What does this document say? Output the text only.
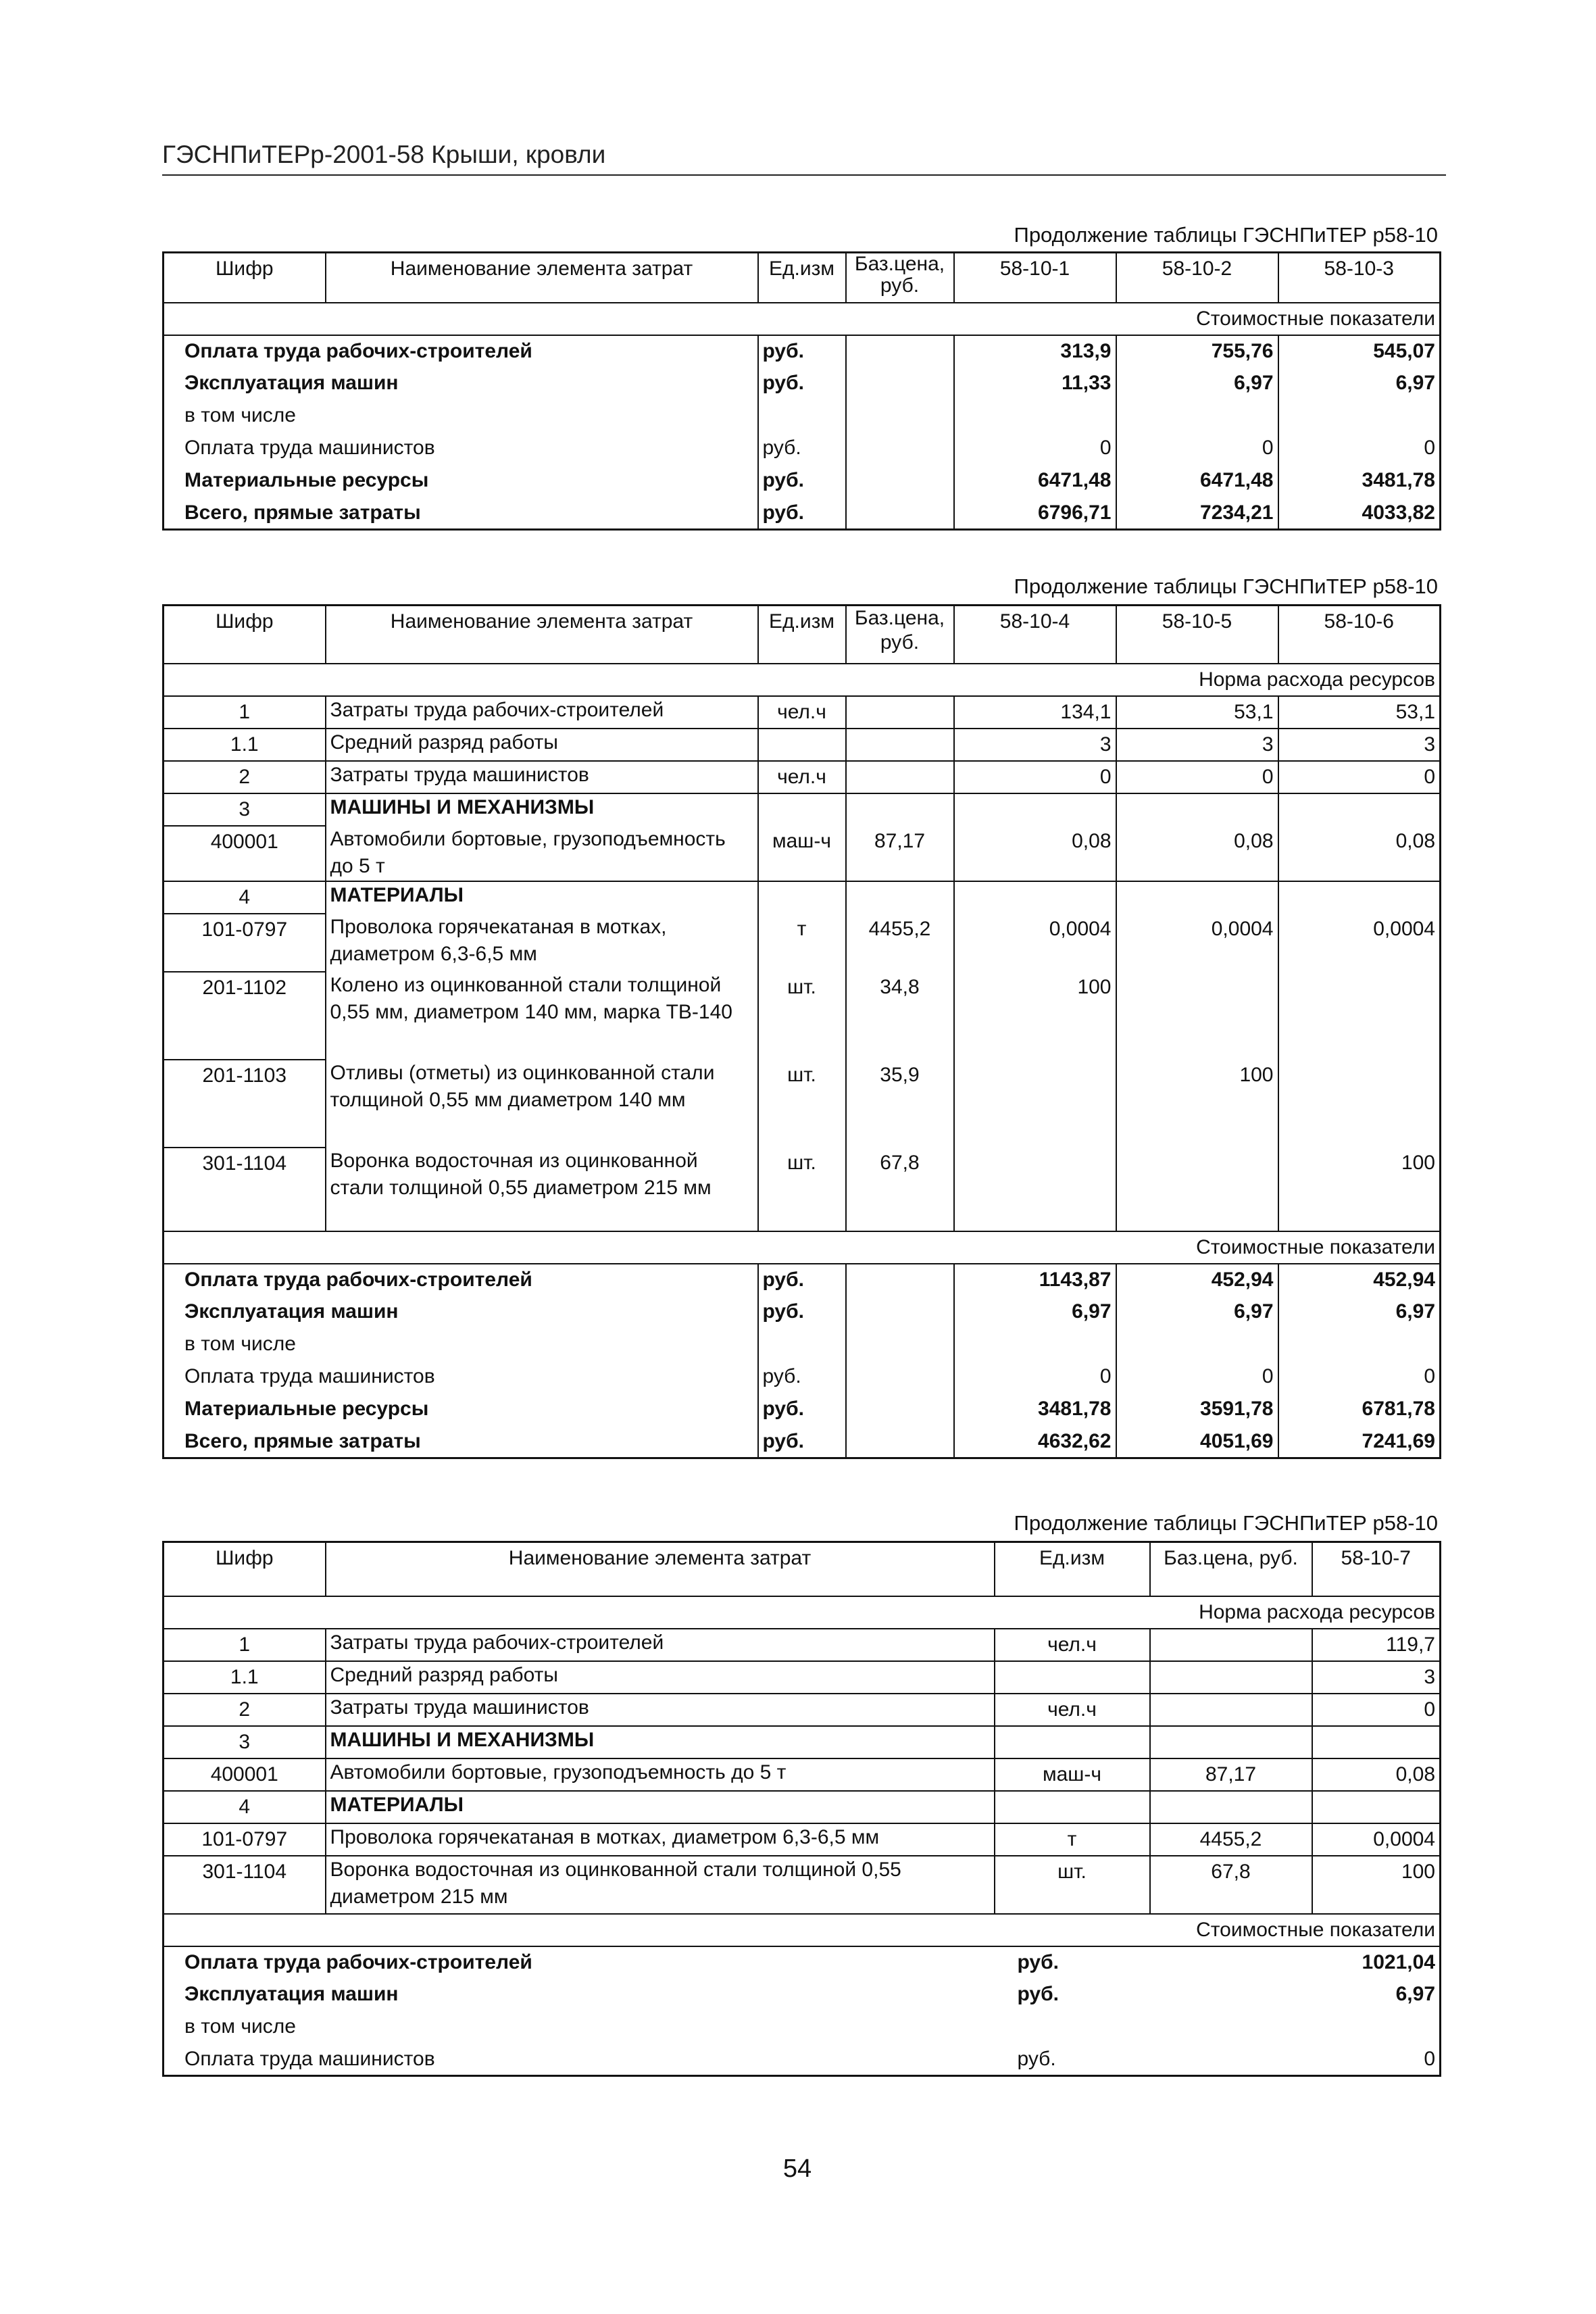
ГЭСНПиТЕРр-2001-58 Крыши, кровли
Продолжение таблицы ГЭСНПиТЕР р58-10
Шифр	Наименование элемента затрат	Ед.изм	Баз.цена, руб.	58-10-1	58-10-2	58-10-3
Стоимостные показатели						
Оплата труда рабочих-строителей		руб.		313,9	755,76	545,07
Эксплуатация машин		руб.		11,33	6,97	6,97
в том числе						
Оплата труда машинистов		руб.		0	0	0
Материальные ресурсы		руб.		6471,48	6471,48	3481,78
Всего, прямые затраты		руб.		6796,71	7234,21	4033,82
Продолжение таблицы ГЭСНПиТЕР р58-10
Шифр	Наименование элемента затрат	Ед.изм	Баз.цена, руб.	58-10-4	58-10-5	58-10-6
Норма расхода ресурсов						
1	Затраты труда рабочих-строителей	чел.ч		134,1	53,1	53,1
1.1	Средний разряд работы			3	3	3
2	Затраты труда машинистов	чел.ч		0	0	0
3	МАШИНЫ И МЕХАНИЗМЫ					
400001	Автомобили бортовые, грузоподъемность до 5 т	маш-ч	87,17	0,08	0,08	0,08
4	МАТЕРИАЛЫ					
101-0797	Проволока горячекатаная в мотках, диаметром 6,3-6,5 мм	т	4455,2	0,0004	0,0004	0,0004
201-1102	Колено из оцинкованной стали толщиной 0,55 мм, диаметром 140 мм, марка ТВ-140	шт.	34,8	100		
201-1103	Отливы (отметы) из оцинкованной стали толщиной 0,55 мм диаметром 140 мм	шт.	35,9		100	
301-1104	Воронка водосточная из оцинкованной стали толщиной 0,55 диаметром 215 мм	шт.	67,8			100
Стоимостные показатели						
Оплата труда рабочих-строителей		руб.		1143,87	452,94	452,94
Эксплуатация машин		руб.		6,97	6,97	6,97
в том числе						
Оплата труда машинистов		руб.		0	0	0
Материальные ресурсы		руб.		3481,78	3591,78	6781,78
Всего, прямые затраты		руб.		4632,62	4051,69	7241,69
Продолжение таблицы ГЭСНПиТЕР р58-10
Шифр	Наименование элемента затрат	Ед.изм	Баз.цена, руб.	58-10-7
Норма расхода ресурсов				
1	Затраты труда рабочих-строителей	чел.ч		119,7
1.1	Средний разряд работы			3
2	Затраты труда машинистов	чел.ч		0
3	МАШИНЫ И МЕХАНИЗМЫ			
400001	Автомобили бортовые, грузоподъемность до 5 т	маш-ч	87,17	0,08
4	МАТЕРИАЛЫ			
101-0797	Проволока горячекатаная в мотках, диаметром 6,3-6,5 мм	т	4455,2	0,0004
301-1104	Воронка водосточная из оцинкованной стали толщиной 0,55 диаметром 215 мм	шт.	67,8	100
Стоимостные показатели				
Оплата труда рабочих-строителей		руб.		1021,04
Эксплуатация машин		руб.		6,97
в том числе				
Оплата труда машинистов		руб.		0
54
